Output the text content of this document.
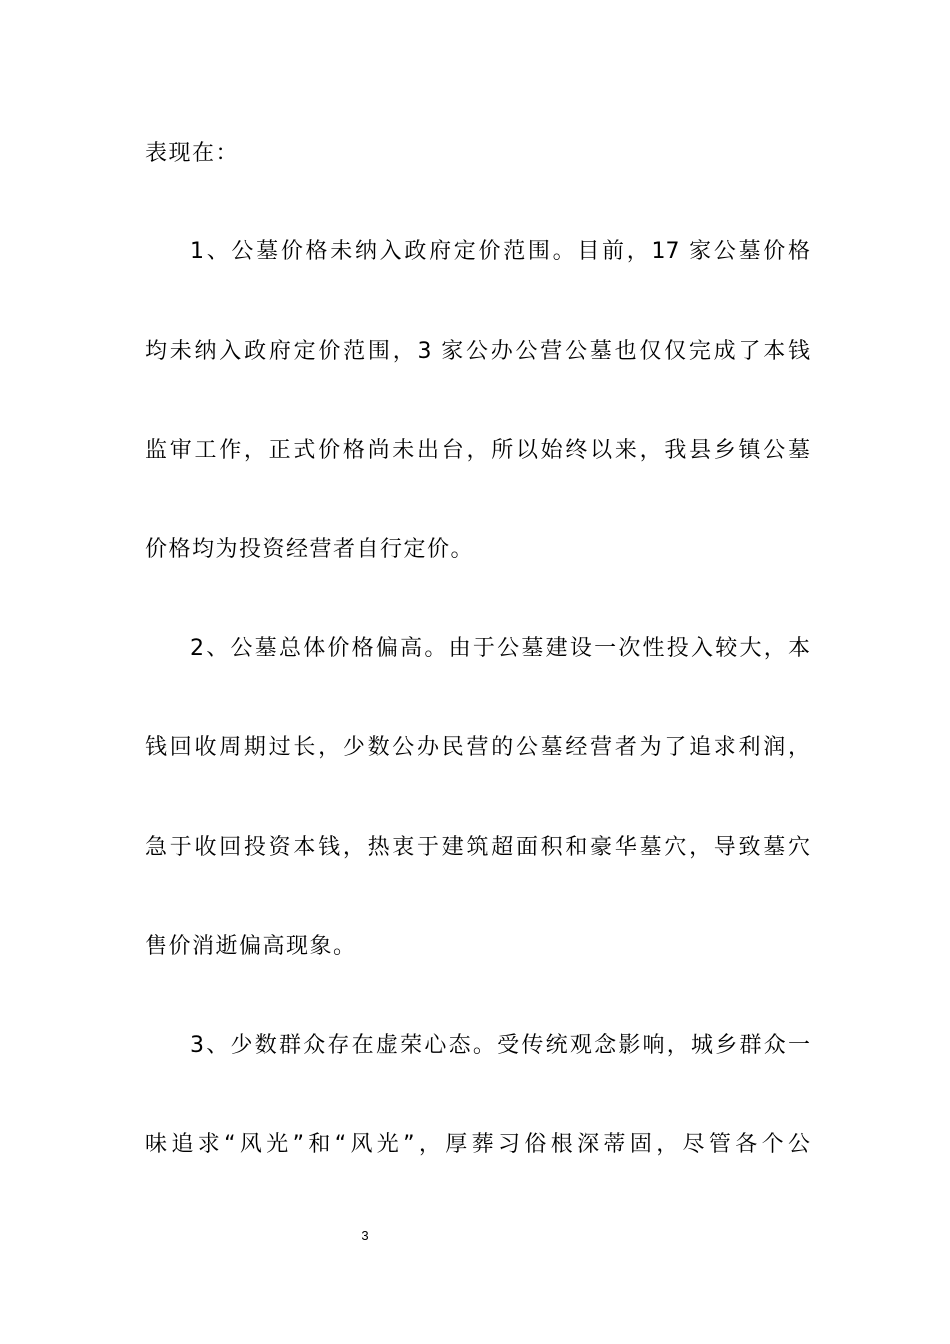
表现在：

1、公墓价格未纳入政府定价范围。目前，17 家公墓价格

均未纳入政府定价范围，3 家公办公营公墓也仅仅完成了本钱

监审工作，正式价格尚未出台，所以始终以来，我县乡镇公墓

价格均为投资经营者自行定价。

2、公墓总体价格偏高。由于公墓建设一次性投入较大，本

钱回收周期过长，少数公办民营的公墓经营者为了追求利润，

急于收回投资本钱，热衷于建筑超面积和豪华墓穴，导致墓穴

售价消逝偏高现象。

3、少数群众存在虚荣心态。受传统观念影响，城乡群众一

味追求“风光”和“风光”，厚葬习俗根深蒂固，尽管各个公

3
